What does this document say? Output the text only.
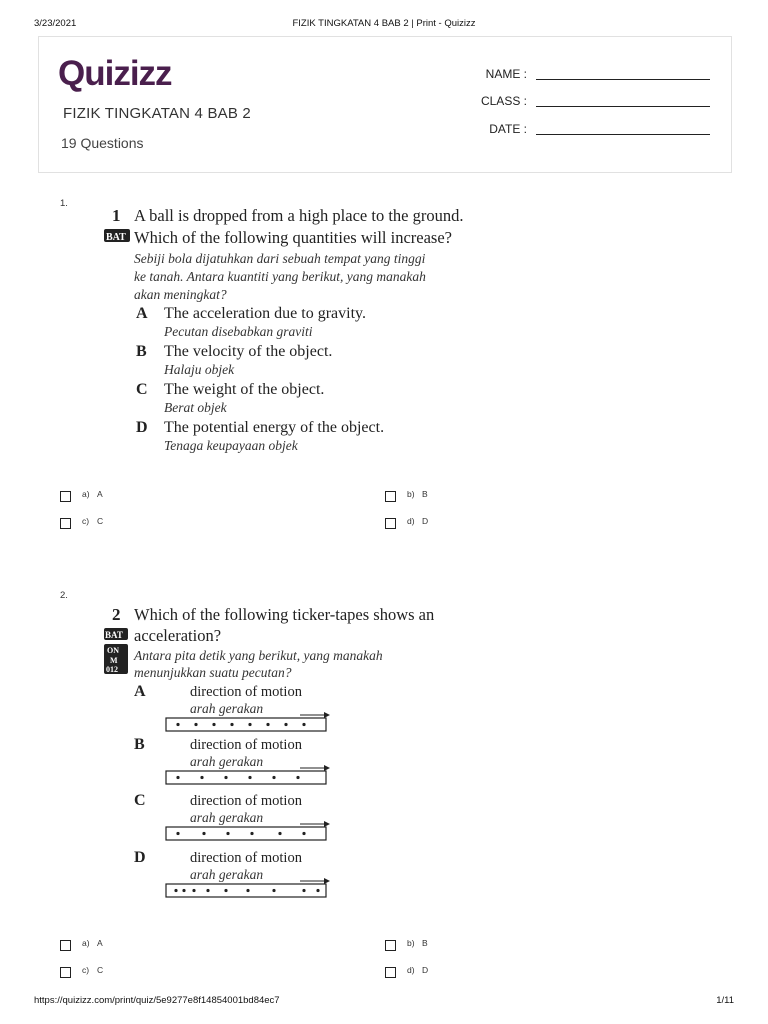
3/23/2021	FIZIK TINGKATAN 4 BAB 2 | Print - Quizizz
Quizizz
FIZIK TINGKATAN 4 BAB 2
19 Questions
NAME :
CLASS :
DATE :
1.
1 A ball is dropped from a high place to the ground.
BAT Which of the following quantities will increase?
Sebiji bola dijatuhkan dari sebuah tempat yang tinggi
ke tanah. Antara kuantiti yang berikut, yang manakah
akan meningkat?
A The acceleration due to gravity.
Pecutan disebabkan graviti
B The velocity of the object.
Halaju objek
C The weight of the object.
Berat objek
D The potential energy of the object.
Tenaga keupayaan objek
a) A	b) B
c) C	d) D
2.
2 Which of the following ticker-tapes shows an
BAT acceleration?
ON
M
012
Antara pita detik yang berikut, yang manakah
menunjukkan suatu pecutan?
A	direction of motion
arah gerakan
B	direction of motion
arah gerakan
C	direction of motion
arah gerakan
D	direction of motion
arah gerakan
a) A	b) B
c) C	d) D
https://quizizz.com/print/quiz/5e9277e8f14854001bd84ec7	1/11
